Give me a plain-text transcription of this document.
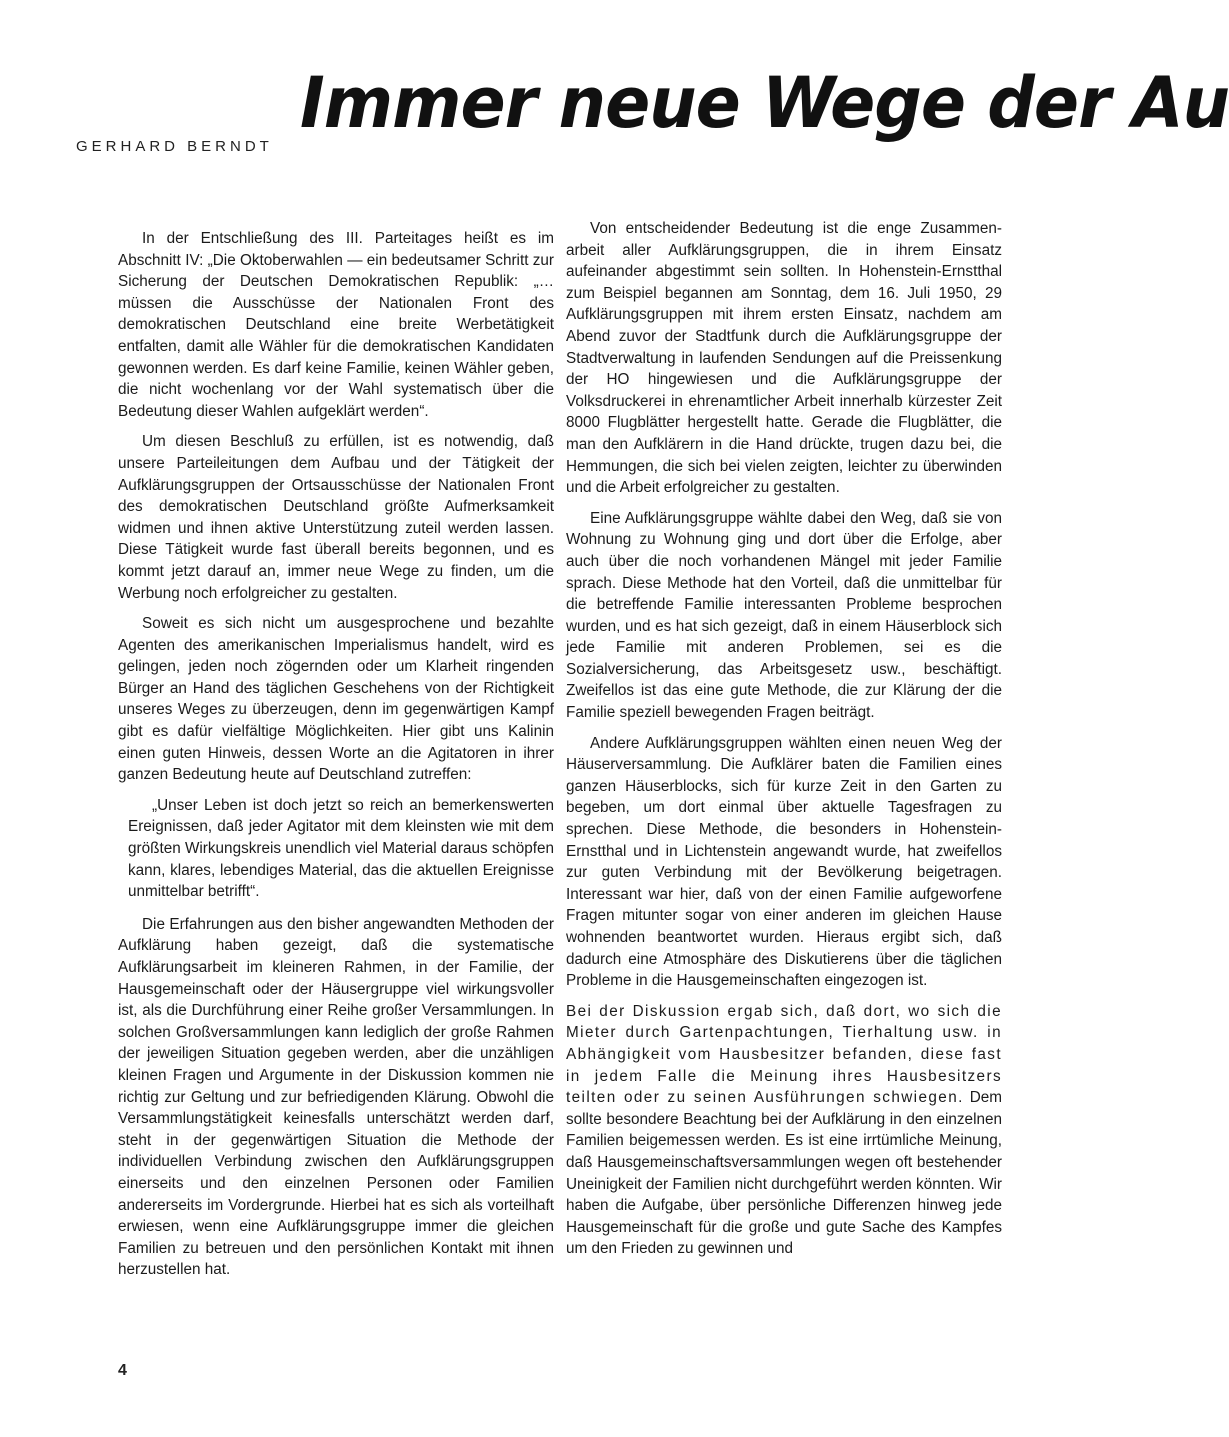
GERHARD BERNDT
Immer neue Wege der Au

In der Entschließung des III. Parteitages heißt es im Abschnitt IV: „Die Oktoberwahlen — ein bedeutsamer Schritt zur Sicherung der Deutschen Demokratischen Republik: „… müssen die Ausschüsse der Nationalen Front des demokratischen Deutschland eine breite Werbetätigkeit entfalten, damit alle Wähler für die demokratischen Kandidaten gewonnen werden. Es darf keine Familie, keinen Wähler geben, die nicht wochenlang vor der Wahl systematisch über die Bedeutung dieser Wahlen aufgeklärt werden“.

Um diesen Beschluß zu erfüllen, ist es notwendig, daß unsere Parteileitungen dem Aufbau und der Tätigkeit der Aufklärungsgruppen der Ortsausschüsse der Nationalen Front des demokratischen Deutschland größte Aufmerksamkeit widmen und ihnen aktive Unterstützung zuteil werden lassen. Diese Tätigkeit wurde fast überall bereits begonnen, und es kommt jetzt darauf an, immer neue Wege zu finden, um die Werbung noch erfolgreicher zu gestalten.

Soweit es sich nicht um ausgesprochene und bezahlte Agenten des amerikanischen Imperialismus handelt, wird es gelingen, jeden noch zögernden oder um Klarheit ringenden Bürger an Hand des täglichen Geschehens von der Richtigkeit unseres Weges zu überzeugen, denn im gegenwärtigen Kampf gibt es dafür vielfältige Möglichkeiten. Hier gibt uns Kalinin einen guten Hinweis, dessen Worte an die Agitatoren in ihrer ganzen Bedeutung heute auf Deutschland zutreffen:

„Unser Leben ist doch jetzt so reich an bemerkenswerten Ereignissen, daß jeder Agitator mit dem kleinsten wie mit dem größten Wirkungskreis unendlich viel Material daraus schöpfen kann, klares, lebendiges Material, das die aktuellen Ereignisse unmittelbar betrifft“.

Die Erfahrungen aus den bisher angewandten Methoden der Aufklärung haben gezeigt, daß die systematische Aufklärungsarbeit im kleineren Rahmen, in der Familie, der Hausgemeinschaft oder der Häusergruppe viel wirkungsvoller ist, als die Durchführung einer Reihe großer Versammlungen. In solchen Großversammlungen kann lediglich der große Rahmen der jeweiligen Situation gegeben werden, aber die unzähligen kleinen Fragen und Argumente in der Diskussion kommen nie richtig zur Geltung und zur befriedigenden Klärung. Obwohl die Versammlungstätigkeit keinesfalls unterschätzt werden darf, steht in der gegenwärtigen Situation die Methode der individuellen Verbindung zwischen den Aufklärungsgruppen einerseits und den einzelnen Personen oder Familien andererseits im Vordergrunde. Hierbei hat es sich als vorteilhaft erwiesen, wenn eine Aufklärungsgruppe immer die gleichen Familien zu betreuen und den persönlichen Kontakt mit ihnen herzustellen hat.

Von entscheidender Bedeutung ist die enge Zusammenarbeit aller Aufklärungsgruppen, die in ihrem Einsatz aufeinander abgestimmt sein sollten. In Hohenstein-Ernstthal zum Beispiel begannen am Sonntag, dem 16. Juli 1950, 29 Aufklärungsgruppen mit ihrem ersten Einsatz, nachdem am Abend zuvor der Stadtfunk durch die Aufklärungsgruppe der Stadtverwaltung in laufenden Sendungen auf die Preissenkung der HO hingewiesen und die Aufklärungsgruppe der Volksdruckerei in ehrenamtlicher Arbeit innerhalb kürzester Zeit 8000 Flugblätter hergestellt hatte. Gerade die Flugblätter, die man den Aufklärern in die Hand drückte, trugen dazu bei, die Hemmungen, die sich bei vielen zeigten, leichter zu überwinden und die Arbeit erfolgreicher zu gestalten.

Eine Aufklärungsgruppe wählte dabei den Weg, daß sie von Wohnung zu Wohnung ging und dort über die Erfolge, aber auch über die noch vorhandenen Mängel mit jeder Familie sprach. Diese Methode hat den Vorteil, daß die unmittelbar für die betreffende Familie interessanten Probleme besprochen wurden, und es hat sich gezeigt, daß in einem Häuserblock sich jede Familie mit anderen Problemen, sei es die Sozialversicherung, das Arbeitsgesetz usw., beschäftigt. Zweifellos ist das eine gute Methode, die zur Klärung der die Familie speziell bewegenden Fragen beiträgt.

Andere Aufklärungsgruppen wählten einen neuen Weg der Häuserversammlung. Die Aufklärer baten die Familien eines ganzen Häuserblocks, sich für kurze Zeit in den Garten zu begeben, um dort einmal über aktuelle Tagesfragen zu sprechen. Diese Methode, die besonders in Hohenstein-Ernstthal und in Lichtenstein angewandt wurde, hat zweifellos zur guten Verbindung mit der Bevölkerung beigetragen. Interessant war hier, daß von der einen Familie aufgeworfene Fragen mitunter sogar von einer anderen im gleichen Hause wohnenden beantwortet wurden. Hieraus ergibt sich, daß dadurch eine Atmosphäre des Diskutierens über die täglichen Probleme in die Hausgemeinschaften eingezogen ist.

Bei der Diskussion ergab sich, daß dort, wo sich die Mieter durch Gartenpachtungen, Tierhaltung usw. in Abhängigkeit vom Hausbesitzer befanden, diese fast in jedem Falle die Meinung ihres Hausbesitzers teilten oder zu seinen Ausführungen schwiegen. Dem sollte besondere Beachtung bei der Aufklärung in den einzelnen Familien beigemessen werden. Es ist eine irrtümliche Meinung, daß Hausgemeinschaftsversammlungen wegen oft bestehender Uneinigkeit der Familien nicht durchgeführt werden könnten. Wir haben die Aufgabe, über persönliche Differenzen hinweg jede Hausgemeinschaft für die große und gute Sache des Kampfes um den Frieden zu gewinnen und
4
